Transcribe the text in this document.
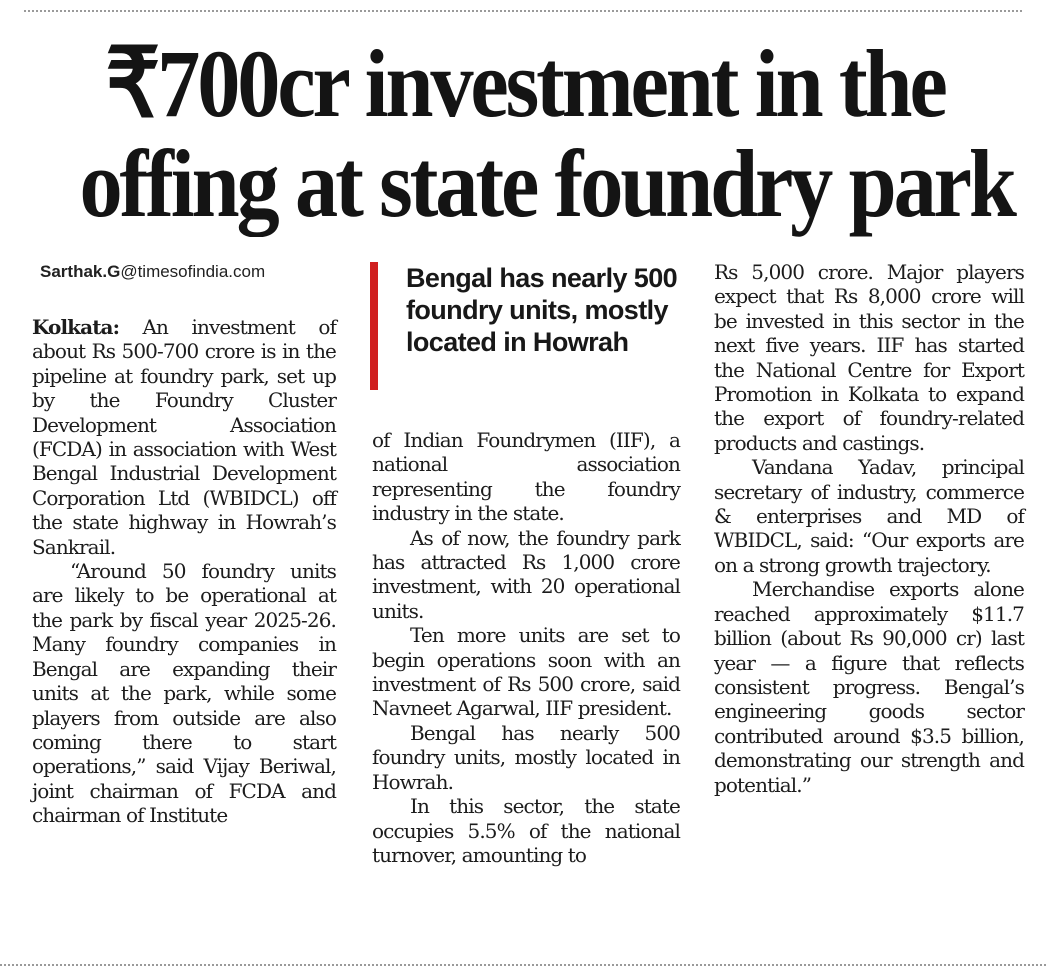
₹700cr investment in the
offing at state foundry park
Sarthak.G@timesofindia.com

Kolkata: An investment of about Rs 500-700 crore is in the pipeline at foundry park, set up by the Foundry Cluster Development Association (FCDA) in association with West Bengal Industrial Development Corporation Ltd (WBIDCL) off the state highway in Howrah’s Sankrail.

“Around 50 foundry units are likely to be operational at the park by fiscal year 2025-26. Many foundry companies in Bengal are expanding their units at the park, while some players from outside are also coming there to start operations,” said Vijay Beriwal, joint chairman of FCDA and chairman of Institute

Bengal has nearly 500 foundry units, mostly located in Howrah

of Indian Foundrymen (IIF), a national association representing the foundry industry in the state.

As of now, the foundry park has attracted Rs 1,000 crore investment, with 20 operational units.

Ten more units are set to begin operations soon with an investment of Rs 500 crore, said Navneet Agarwal, IIF president.

Bengal has nearly 500 foundry units, mostly located in Howrah.

In this sector, the state occupies 5.5% of the national turnover, amounting to

Rs 5,000 crore. Major players expect that Rs 8,000 crore will be invested in this sector in the next five years. IIF has started the National Centre for Export Promotion in Kolkata to expand the export of foundry-related products and castings.

Vandana Yadav, principal secretary of industry, commerce & enterprises and MD of WBIDCL, said: “Our exports are on a strong growth trajectory.

Merchandise exports alone reached approximately $11.7 billion (about Rs 90,000 cr) last year — a figure that reflects consistent progress. Bengal’s engineering goods sector contributed around $3.5 billion, demonstrating our strength and potential.”
